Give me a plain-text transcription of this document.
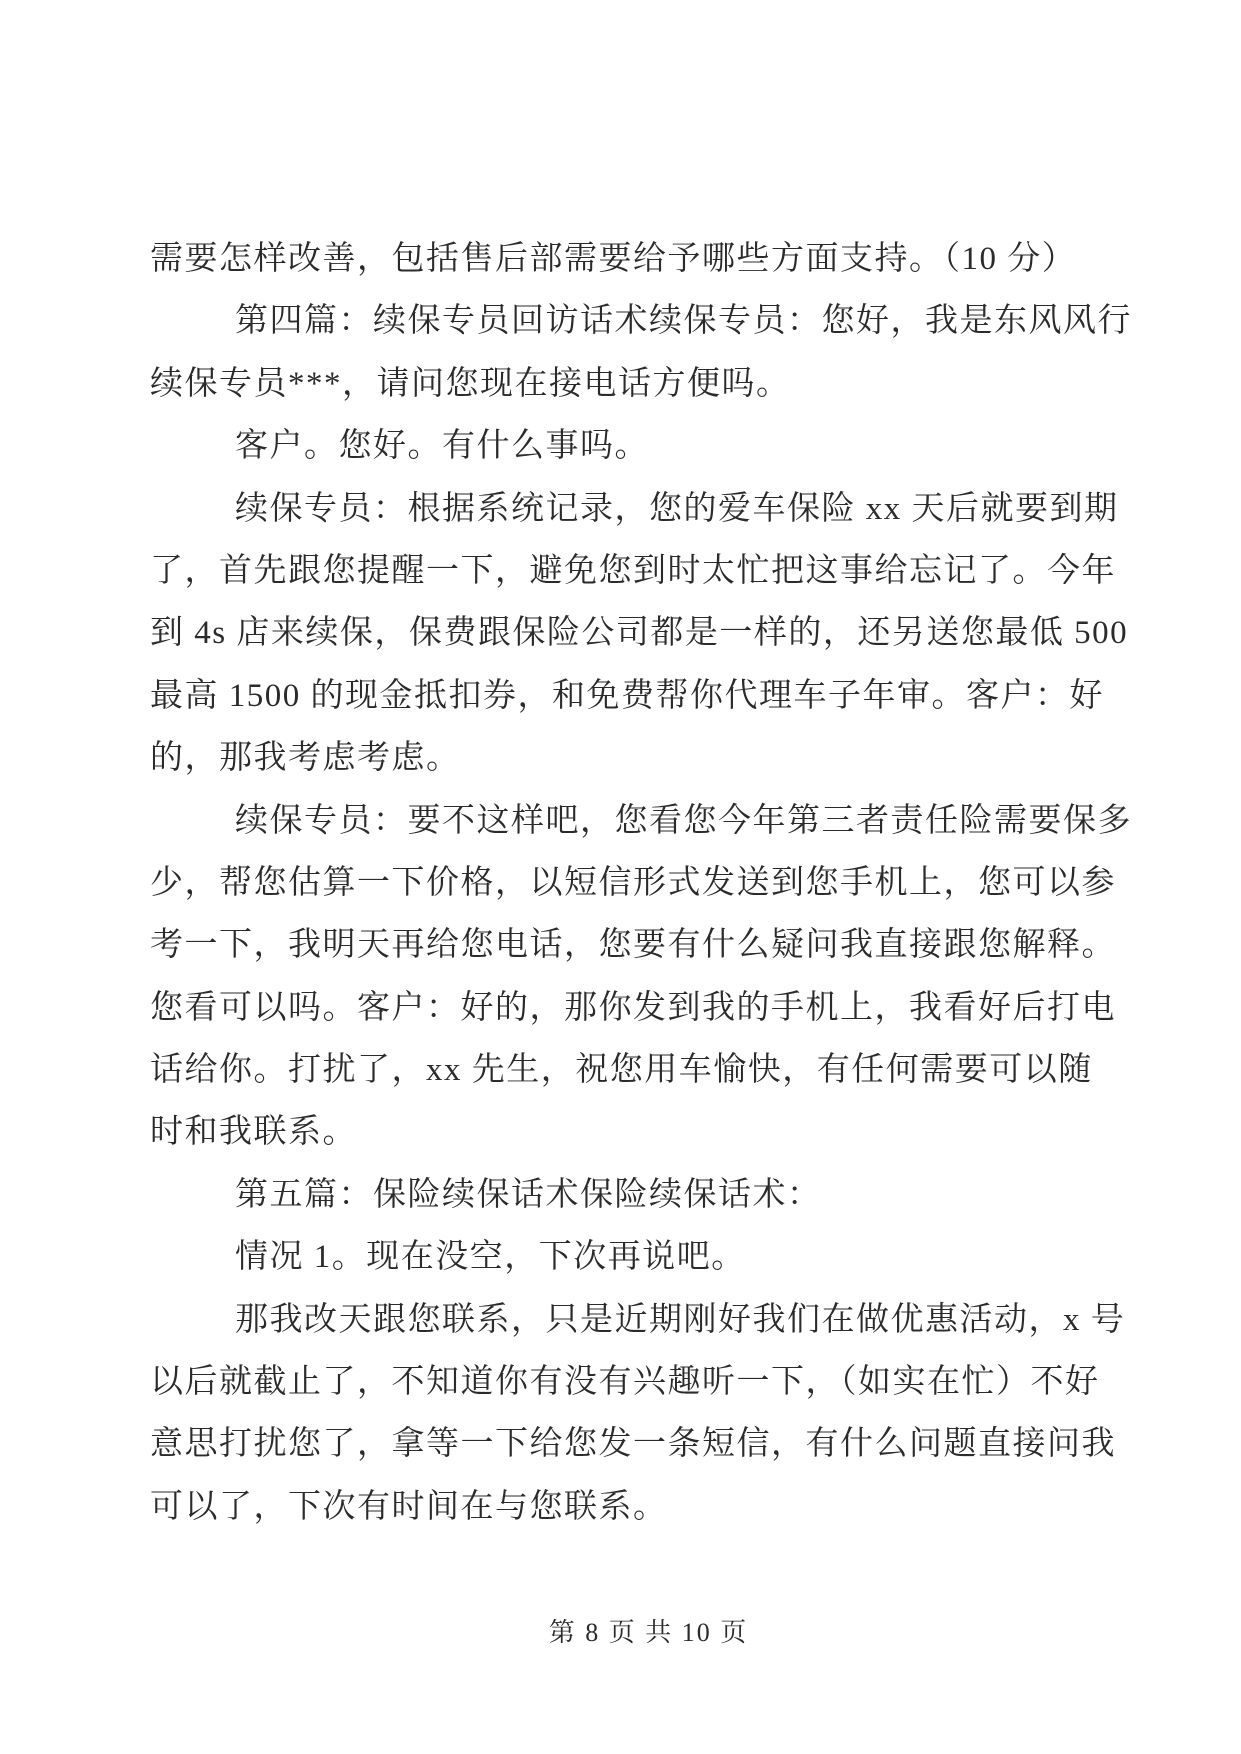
需要怎样改善，包括售后部需要给予哪些方面支持。（10 分）
第四篇：续保专员回访话术续保专员：您好，我是东风风行
续保专员***，请问您现在接电话方便吗。
客户。您好。有什么事吗。
续保专员：根据系统记录，您的爱车保险 xx 天后就要到期
了，首先跟您提醒一下，避免您到时太忙把这事给忘记了。今年
到 4s 店来续保，保费跟保险公司都是一样的，还另送您最低 500
最高 1500 的现金抵扣券，和免费帮你代理车子年审。客户：好
的，那我考虑考虑。
续保专员：要不这样吧，您看您今年第三者责任险需要保多
少，帮您估算一下价格，以短信形式发送到您手机上，您可以参
考一下，我明天再给您电话，您要有什么疑问我直接跟您解释。
您看可以吗。客户：好的，那你发到我的手机上，我看好后打电
话给你。打扰了，xx 先生，祝您用车愉快，有任何需要可以随
时和我联系。
第五篇：保险续保话术保险续保话术：
情况 1。现在没空，下次再说吧。
那我改天跟您联系，只是近期刚好我们在做优惠活动，x 号
以后就截止了，不知道你有没有兴趣听一下，（如实在忙）不好
意思打扰您了，拿等一下给您发一条短信，有什么问题直接问我
可以了，下次有时间在与您联系。
第 8 页 共 10 页
